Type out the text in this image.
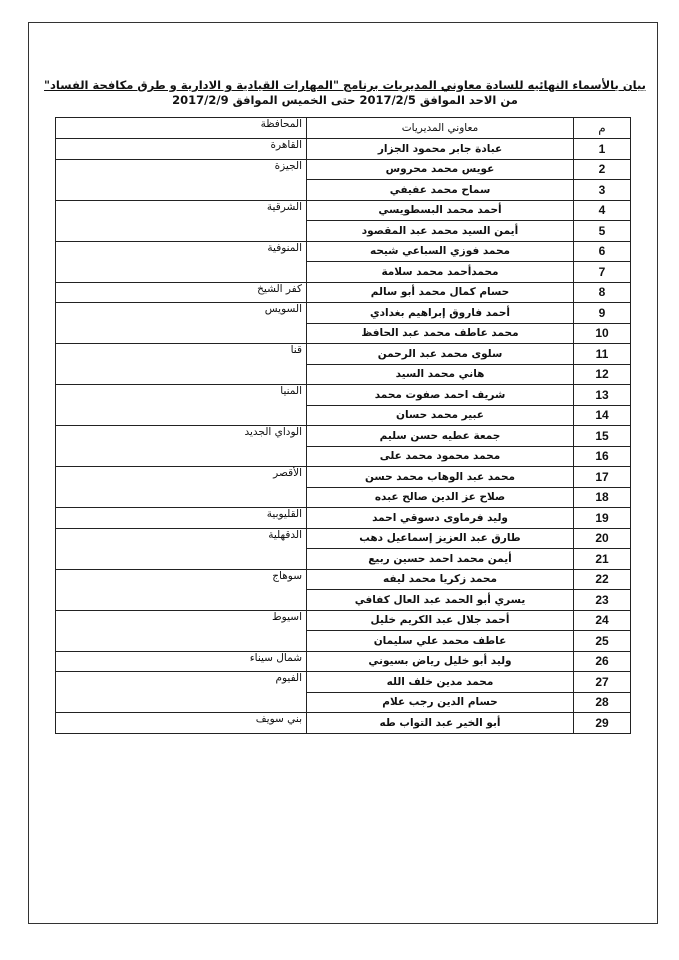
بيان بالأسماء النهائيه للسادة معاوني المديريات برنامج "المهارات القيادية و الادارية و طرق مكافحة الفساد"
من الاحد الموافق 2017/2/5 حتى الخميس الموافق 2017/2/9
م	معاوني المديريات	المحافظة
1	عبادة جابر محمود الجزار	القاهرة
2	عويس محمد محروس	الجيزة
3	سماح محمد عفيفي	
4	أحمد محمد البسطويسي	الشرقية
5	أيمن السيد محمد عبد المقصود	
6	محمد فوزي السباعي شيحه	المنوفية
7	محمدأحمد محمد سلامة	
8	حسام كمال محمد أبو سالم	كفر الشيخ
9	أحمد فاروق إبراهيم بغدادي	السويس
10	محمد عاطف محمد عبد الحافظ	
11	سلوى محمد عبد الرحمن	قنا
12	هاني محمد السيد	
13	شريف احمد صفوت محمد	المنيا
14	عبير محمد حسان	
15	جمعة عطيه حسن سليم	الوداي الجديد
16	محمد محمود محمد على	
17	محمد عبد الوهاب محمد حسن	الأقصر
18	صلاح عز الدين صالح عبده	
19	وليد فرماوى دسوقي احمد	القليوبية
20	طارق عبد العزيز إسماعيل دهب	الدقهلية
21	أيمن محمد احمد حسين ربيع	
22	محمد زكريا محمد ليفه	سوهاج
23	يسري أبو الحمد عبد العال كفافي	
24	أحمد جلال عبد الكريم خليل	اسيوط
25	عاطف محمد علي سليمان	
26	وليد أبو خليل رياض بسيوني	شمال سيناء
27	محمد مدين خلف الله	الفيوم
28	حسام الدين رجب علام	
29	أبو الخير عبد التواب طه	بني سويف
